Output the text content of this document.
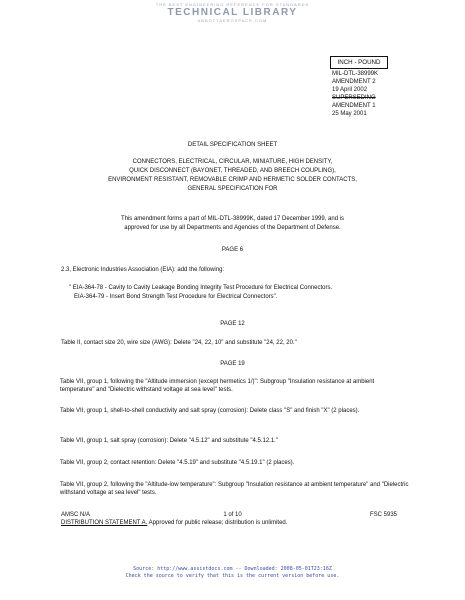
THE BEST ENGINEERING REFERENCE FOR STANDARDS
TECHNICAL LIBRARY
ABBOTTAEROSPACE.COM
INCH - POUND
MIL-DTL-38999K
AMENDMENT 2
19 April 2002
SUPERSEDING
AMENDMENT 1
25 May 2001
DETAIL SPECIFICATION SHEET
CONNECTORS, ELECTRICAL, CIRCULAR, MINIATURE, HIGH DENSITY,
QUICK DISCONNECT (BAYONET, THREADED, AND BREECH COUPLING),
ENVIRONMENT RESISTANT, REMOVABLE CRIMP AND HERMETIC SOLDER CONTACTS,
GENERAL SPECIFICATION FOR
This amendment forms a part of MIL-DTL-38999K, dated 17 December 1999, and is
approved for use by all Departments and Agencies of the Department of Defense.
PAGE 6
2.3, Electronic Industries Association (EIA): add the following:
" EIA-364-78 - Cavity to Cavity Leakage Bonding Integrity Test Procedure for Electrical Connectors.
EIA-364-79 - Insert Bond Strength Test Procedure for Electrical Connectors".
PAGE 12
Table II, contact size 20, wire size (AWG): Delete "24, 22, 10" and substitute "24, 22, 20."
PAGE 19
Table VII, group 1, following the "Altitude immersion (except hermetics 1/)": Subgroup "Insulation resistance at ambient temperature" and "Dielectric withstand voltage at sea level" tests.
Table VII, group 1, shell-to-shell conductivity and salt spray (corrosion): Delete class "S" and finish "X" (2 places).
Table VII, group 1, salt spray (corrosion): Delete "4.5.12" and substitute "4.5.12.1."
Table VII, group 2, contact retention: Delete "4.5.19" and substitute "4.5.19.1" (2 places).
Table VII, group 2, following the "Altitude-low temperature": Subgroup "Insulation resistance at ambient temperature" and "Dielectric withstand voltage at sea level" tests.
AMSC N/A	1 of 10	FSC 5935
DISTRIBUTION STATEMENT A. Approved for public release; distribution is unlimited.
Source: http://www.assistdocs.com -- Downloaded: 2008-05-01T23:16Z
Check the source to verify that this is the current version before use.
